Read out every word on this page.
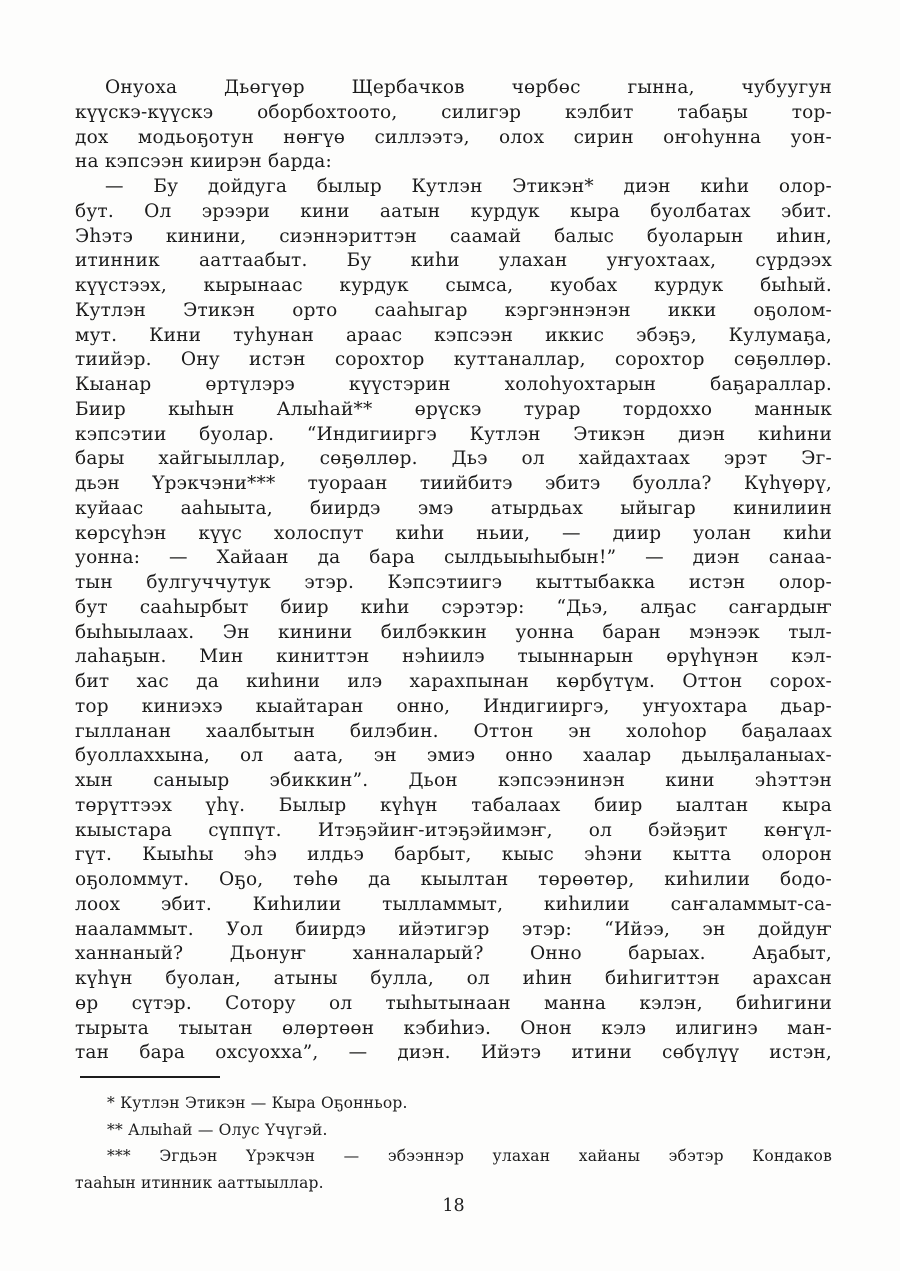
Онуоха Дьөгүөр Щербачков чөрбөс гынна, чубуугун
күүскэ-күүскэ оборбохтоото, силигэр кэлбит табаҕы тор-
дох модьоҕотун нөҥүө силлээтэ, олох сирин оҥоһунна уон-
на кэпсээн киирэн барда:
— Бу дойдуга былыр Кутлэн Этикэн* диэн киһи олор-
бут. Ол эрээри кини аатын курдук кыра буолбатах эбит.
Эһэтэ кинини, сиэннэриттэн саамай балыс буоларын иһин,
итинник ааттаабыт. Бу киһи улахан уҥуохтаах, сүрдээх
күүстээх, кырынаас курдук сымса, куобах курдук быһый.
Кутлэн Этикэн орто сааһыгар кэргэннэнэн икки оҕолом-
мут. Кини туһунан араас кэпсээн иккис эбэҕэ, Кулумаҕа,
тиийэр. Ону истэн сорохтор куттаналлар, сорохтор сөҕөллөр.
Кыанар өртүлэрэ күүстэрин холоһуохтарын баҕараллар.
Биир кыһын Алыһай** өрүскэ турар тордоххо маннык
кэпсэтии буолар. “Индигииргэ Кутлэн Этикэн диэн киһини
бары хайгыыллар, сөҕөллөр. Дьэ ол хайдахтаах эрэт Эг-
дьэн Үрэкчэни*** туораан тиийбитэ эбитэ буолла? Күһүөрү,
куйаас ааһыыта, биирдэ эмэ атырдьах ыйыгар кинилиин
көрсүһэн күүс холоспут киһи ньии, — диир уолан киһи
уонна: — Хайаан да бара сылдьыыһыбын!” — диэн санаа-
тын булгуччутук этэр. Кэпсэтиигэ кыттыбакка истэн олор-
бут сааһырбыт биир киһи сэрэтэр: “Дьэ, алҕас саҥардыҥ
быһыылаах. Эн кинини билбэккин уонна баран мэнээк тыл-
лаһаҕын. Мин киниттэн нэһиилэ тыыннарын өрүһүнэн кэл-
бит хас да киһини илэ харахпынан көрбүтүм. Оттон сорох-
тор киниэхэ кыайтаран онно, Индигииргэ, уҥуохтара дьар-
гылланан хаалбытын билэбин. Оттон эн холоһор баҕалаах
буоллаххына, ол аата, эн эмиэ онно хаалар дьылҕаланыах-
хын саныыр эбиккин”. Дьон кэпсээнинэн кини эһэттэн
төрүттээх үһү. Былыр күһүн табалаах биир ыалтан кыра
кыыстара сүппүт. Итэҕэйиҥ-итэҕэйимэҥ, ол бэйэҕит көҥүл-
гүт. Кыыһы эһэ илдьэ барбыт, кыыс эһэни кытта олорон
оҕоломмут. Оҕо, төһө да кыылтан төрөөтөр, киһилии бодо-
лоох эбит. Киһилии тылламмыт, киһилии саҥаламмыт-са-
нааламмыт. Уол биирдэ ийэтигэр этэр: “Ийээ, эн дойдуҥ
ханнаный? Дьонуҥ ханналарый? Онно барыах. Аҕабыт,
күһүн буолан, атыны булла, ол иһин биһигиттэн арахсан
өр сүтэр. Сотору ол тыһытынаан манна кэлэн, биһигини
тырыта тыытан өлөртөөн кэбиһиэ. Онон кэлэ илигинэ ман-
тан бара охсуохха”, — диэн. Ийэтэ итини сөбүлүү истэн,
* Кутлэн Этикэн — Кыра Оҕонньор.
** Алыһай — Олус Үчүгэй.
*** Эгдьэн Үрэкчэн — эбээннэр улахан хайаны эбэтэр Кондаков
тааһын итинник ааттыыллар.
18
